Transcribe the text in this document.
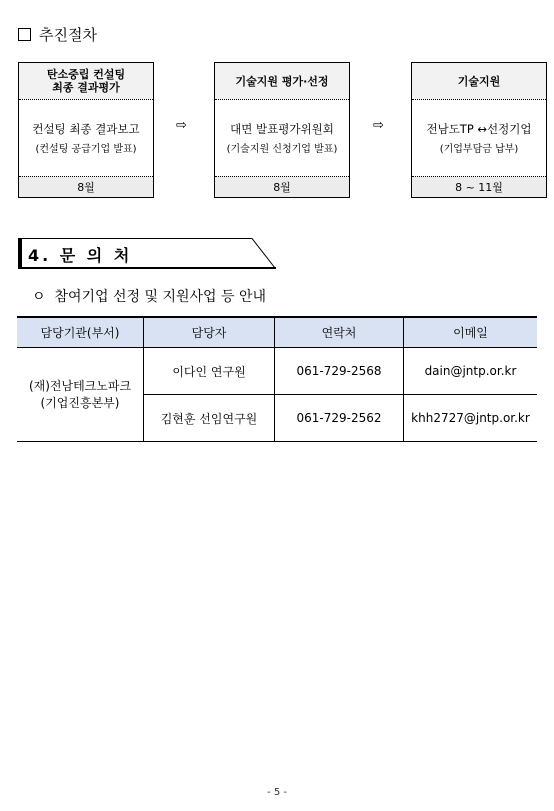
추진절차
탄소중립 컨설팅
최종 결과평가
컨설팅 최종 결과보고
(컨설팅 공급기업 발표)
8월
⇨
기술지원 평가·선정
대면 발표평가위원회
(기술지원 신청기업 발표)
8월
⇨
기술지원
전남도TP ↔선정기업
(기업부담금 납부)
8 ~ 11월
4. 문 의 처
ㅇ 참여기업 선정 및 지원사업 등 안내
담당기관(부서)	담당자	연락처	이메일
(재)전남테크노파크
(기업진흥본부)	이다인 연구원	061-729-2568	dain@jntp.or.kr
	김현훈 선임연구원	061-729-2562	khh2727@jntp.or.kr
- 5 -
